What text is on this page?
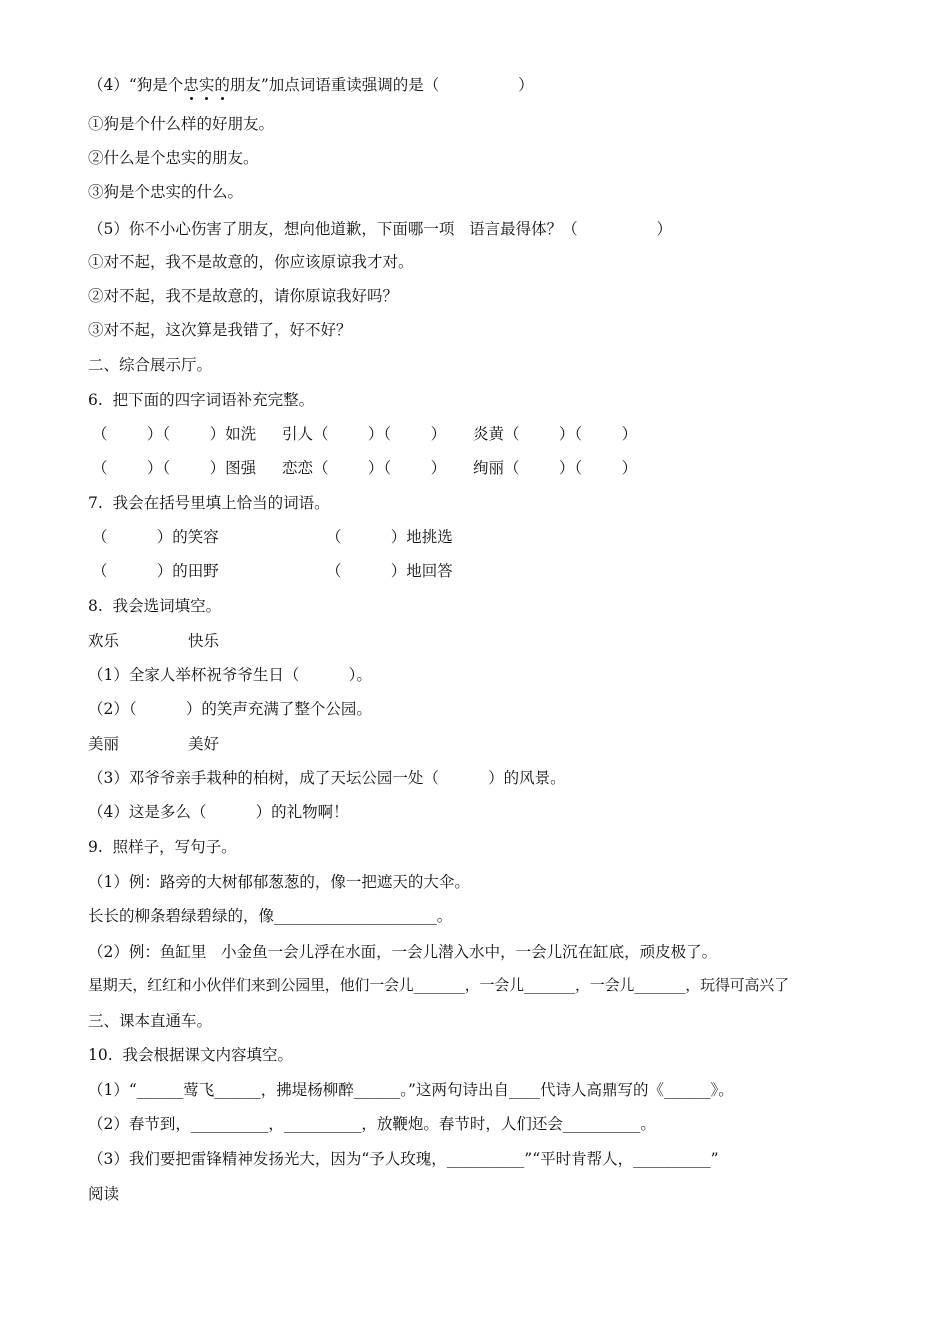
（4）“狗是个忠实的朋友”加点词语重读强调的是（                ）
①狗是个什么样的好朋友。
②什么是个忠实的朋友。
③狗是个忠实的什么。
（5）你不小心伤害了朋友，想向他道歉，下面哪一项   语言最得体？（                ）
①对不起，我不是故意的，你应该原谅我才对。
②对不起，我不是故意的，请你原谅我好吗？
③对不起，这次算是我错了，好不好？
二、综合展示厅。
6.  把下面的四字词语补充完整。
（        ）（        ）如洗 引人（        ）（        ） 炎黄（        ）（        ）
（        ）（        ）图强 恋恋（        ）（        ） 绚丽（        ）（        ）
7.  我会在括号里填上恰当的词语。
（          ）的笑容	（          ）地挑选
（          ）的田野	（          ）地回答
8.  我会选词填空。
欢乐              快乐
（1）全家人举杯祝爷爷生日（          ）。
（2）（          ）的笑声充满了整个公园。
美丽              美好
（3）邓爷爷亲手栽种的柏树，成了天坛公园一处（          ）的风景。
（4）这是多么（          ）的礼物啊！
9.  照样子，写句子。
（1）例：路旁的大树郁郁葱葱的，像一把遮天的大伞。
长长的柳条碧绿碧绿的，像_____________________。
（2）例：鱼缸里   小金鱼一会儿浮在水面，一会儿潜入水中，一会儿沉在缸底，顽皮极了。
星期天，红红和小伙伴们来到公园里，他们一会儿_______，一会儿_______，一会儿_______，玩得可高兴了
三、课本直通车。
10.  我会根据课文内容填空。
（1）“______莺飞______，拂堤杨柳醉______。”这两句诗出自____代诗人高鼎写的《______》。
（2）春节到，__________，__________，放鞭炮。春节时，人们还会__________。
（3）我们要把雷锋精神发扬光大，因为“予人玫瑰，__________”“平时肯帮人，__________”
阅读
